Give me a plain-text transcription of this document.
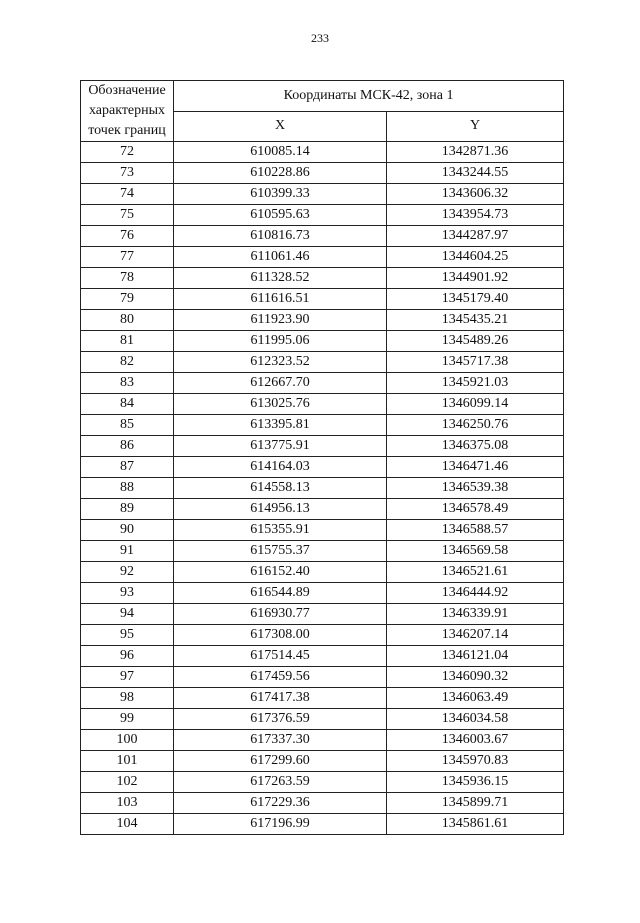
233
Обозначение
характерных
точек границ	Координаты МСК-42, зона 1	
	X	Y
72	610085.14	1342871.36
73	610228.86	1343244.55
74	610399.33	1343606.32
75	610595.63	1343954.73
76	610816.73	1344287.97
77	611061.46	1344604.25
78	611328.52	1344901.92
79	611616.51	1345179.40
80	611923.90	1345435.21
81	611995.06	1345489.26
82	612323.52	1345717.38
83	612667.70	1345921.03
84	613025.76	1346099.14
85	613395.81	1346250.76
86	613775.91	1346375.08
87	614164.03	1346471.46
88	614558.13	1346539.38
89	614956.13	1346578.49
90	615355.91	1346588.57
91	615755.37	1346569.58
92	616152.40	1346521.61
93	616544.89	1346444.92
94	616930.77	1346339.91
95	617308.00	1346207.14
96	617514.45	1346121.04
97	617459.56	1346090.32
98	617417.38	1346063.49
99	617376.59	1346034.58
100	617337.30	1346003.67
101	617299.60	1345970.83
102	617263.59	1345936.15
103	617229.36	1345899.71
104	617196.99	1345861.61
